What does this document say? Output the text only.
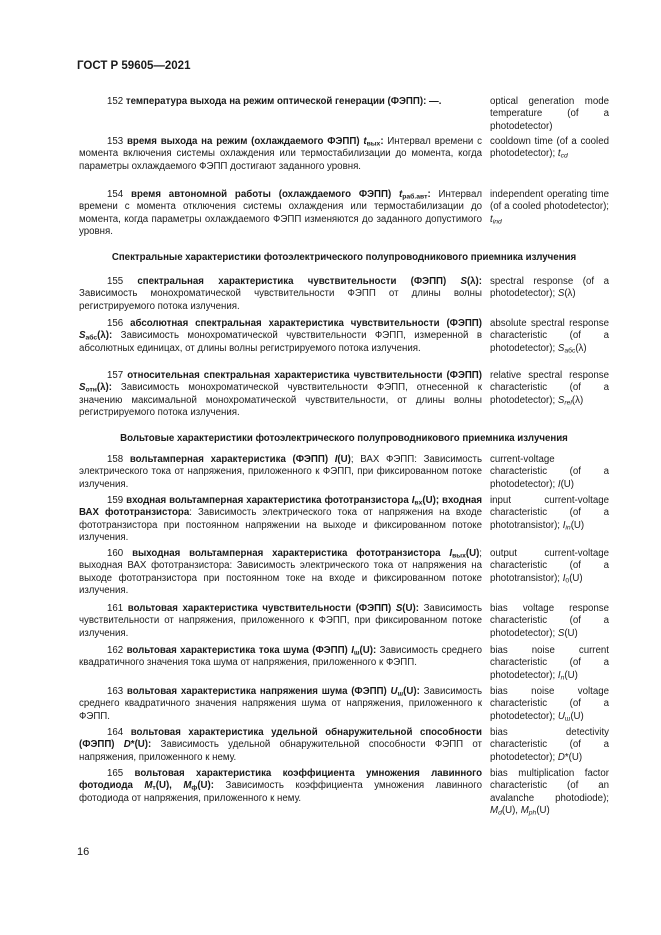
ГОСТ Р 59605—2021

152 температура выхода на режим оптической генерации (ФЭПП): —.	optical generation mode temperature (of a photodetector)

153 время выхода на режим (охлаждаемого ФЭПП) $t_{вых}$: Интервал времени с момента включения системы охлаждения или термостабилизации до момента, когда параметры охлаждаемого ФЭПП достигают заданного уровня.

cooldown time (of a cooled photodetector); $t_{cd}$

154 время автономной работы (охлаждаемого ФЭПП) $t_{раб.авт}$: Интервал времени с момента отключения системы охлаждения или термостабилизации до момента, когда параметры охлаждаемого ФЭПП изменяются до заданного допустимого уровня.

independent operating time (of a cooled photodetector); $t_{ind}$
Спектральные характеристики фотоэлектрического полупроводникового приемника излучения

155 спектральная характеристика чувствительности (ФЭПП) S(λ): Зависимость монохроматической чувствительности ФЭПП от длины волны регистрируемого потока излучения.

spectral response (of a photodetector); S(λ)

156 абсолютная спектральная характеристика чувствительности (ФЭПП) $S_{абс}(\lambda)$: Зависимость монохроматической чувствительности ФЭПП, измеренной в абсолютных единицах, от длины волны регистрируемого потока излучения.

absolute spectral response characteristic (of a photodetector); $S_{абс}(\lambda)$

157 относительная спектральная характеристика чувствительности (ФЭПП) $S_{отн}(\lambda)$: Зависимость монохроматической чувствительности ФЭПП, отнесенной к значению максимальной монохроматической чувствительности, от длины волны регистрируемого потока излучения.

relative spectral response characteristic (of a photodetector); $S_{rel}(\lambda)$
Вольтовые характеристики фотоэлектрического полупроводникового приемника излучения

158 вольтамперная характеристика (ФЭПП) I(U); ВАХ ФЭПП: Зависимость электрического тока от напряжения, приложенного к ФЭПП, при фиксированном потоке излучения.

current-voltage characteristic (of a photodetector); I(U)

159 входная вольтамперная характеристика фототранзистора $I_{вх}(U)$; входная ВАХ фототранзистора: Зависимость электрического тока от напряжения на входе фототранзистора при постоянном напряжении на выходе и фиксированном потоке излучения.

input current-voltage characteristic (of a phototransistor); $I_{in}(U)$

160 выходная вольтамперная характеристика фототранзистора $I_{вых}(U)$; выходная ВАХ фототранзистора: Зависимость электрического тока от напряжения на выходе фототранзистора при постоянном токе на входе и фиксированном потоке излучения.

output current-voltage characteristic (of a phototransistor); $I_0(U)$

161 вольтовая характеристика чувствительности (ФЭПП) S(U): Зависимость чувствительности от напряжения, приложенного к ФЭПП, при фиксированном потоке излучения.

bias voltage response characteristic (of a photodetector); S(U)

162 вольтовая характеристика тока шума (ФЭПП) $I_ш(U)$: Зависимость среднего квадратичного значения тока шума от напряжения, приложенного к ФЭПП.

bias noise current characteristic (of a photodetector); $I_n(U)$

163 вольтовая характеристика напряжения шума (ФЭПП) $U_ш(U)$: Зависимость среднего квадратичного значения напряжения шума от напряжения, приложенного к ФЭПП.

bias noise voltage characteristic (of a photodetector); $U_ш(U)$

164 вольтовая характеристика удельной обнаружительной способности (ФЭПП) D*(U): Зависимость удельной обнаружительной способности ФЭПП от напряжения, приложенного к нему.

bias detectivity characteristic (of a photodetector); D*(U)

165 вольтовая характеристика коэффициента умножения лавинного фотодиода $M_т(U)$, $M_ф(U)$: Зависимость коэффициента умножения лавинного фотодиода от напряжения, приложенного к нему.

bias multiplication factor characteristic (of an avalanche photodiode); $M_d(U)$, $M_{ph}(U)$
16
